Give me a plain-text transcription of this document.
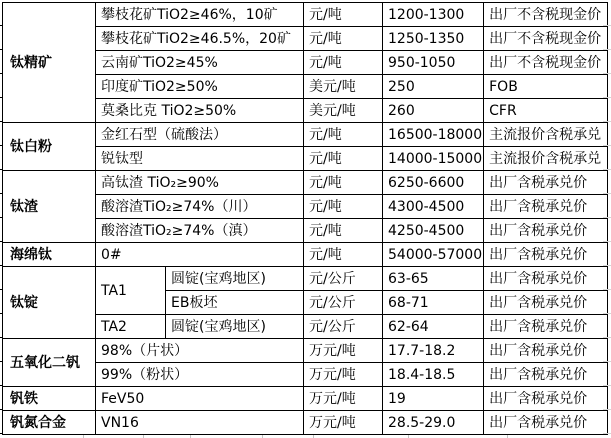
钛精矿	攀枝花矿TiO2≥46%，10矿		元/吨	1200-1300	出厂不含税现金价
	攀枝花矿TiO2≥46.5%，20矿		元/吨	1250-1350	出厂不含税现金价
	云南矿TiO2≥45%		元/吨	950-1050	出厂不含税现金价
	印度矿TiO2≥50%		美元/吨	250	FOB
	莫桑比克 TiO2≥50%		美元/吨	260	CFR
钛白粉	金红石型（硫酸法）		元/吨	16500-18000	主流报价含税承兑
	锐钛型		元/吨	14000-15000	主流报价含税承兑
钛渣	高钛渣 TiO₂≥90%		元/吨	6250-6600	出厂含税承兑价
	酸溶渣TiO₂≥74%（川）		元/吨	4300-4500	出厂含税承兑价
	酸溶渣TiO₂≥74%（滇）		元/吨	4250-4500	出厂含税承兑价
海绵钛	0#		元/吨	54000-57000	出厂含税承兑价
钛锭	TA1	圆锭(宝鸡地区)	元/公斤	63-65	出厂含税承兑价
		EB板坯	元/公斤	68-71	出厂含税承兑价
	TA2	圆锭(宝鸡地区)	元/公斤	62-64	出厂含税承兑价
五氧化二钒	98%（片状）		万元/吨	17.7-18.2	出厂含税承兑价
	99%（粉状）		万元/吨	18.4-18.5	出厂含税承兑价
钒铁	FeV50		万元/吨	19	出厂含税承兑价
钒氮合金	VN16		万元/吨	28.5-29.0	出厂含税承兑价
